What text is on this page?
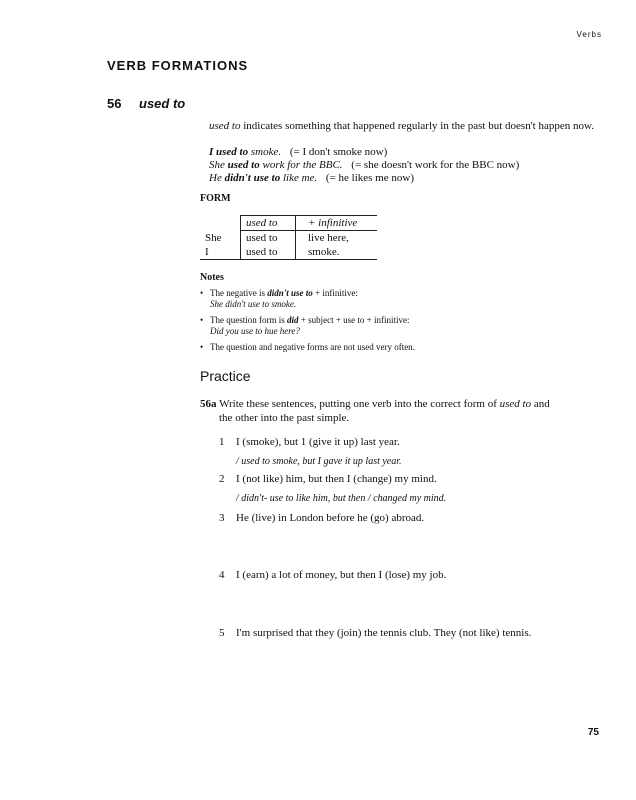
Verbs
VERB FORMATIONS
56 used to
used to indicates something that happened regularly in the past but doesn't happen now.
I used to smoke. (= I don't smoke now)
She used to work for the BBC. (= she doesn't work for the BBC now)
He didn't use to like me. (= he likes me now)
FORM
	used to	+ infinitive
She	used to	live here,
I	used to	smoke.
Notes
• The negative is didn't use to + infinitive:
She didn't use to smoke.
• The question form is did + subject + use to + infinitive:
Did you use to hue here?
• The question and negative forms are not used very often.
Practice
56a Write these sentences, putting one verb into the correct form of used to and
the other into the past simple.
1 I (smoke), but 1 (give it up) last year.
/ used to smoke, but I gave it up last year.
2 I (not like) him, but then I (change) my mind.
/ didn't- use to like him, but then / changed my mind.
3 He (live) in London before he (go) abroad.
4 I (earn) a lot of money, but then I (lose) my job.
5 I'm surprised that they (join) the tennis club. They (not like) tennis.
75
